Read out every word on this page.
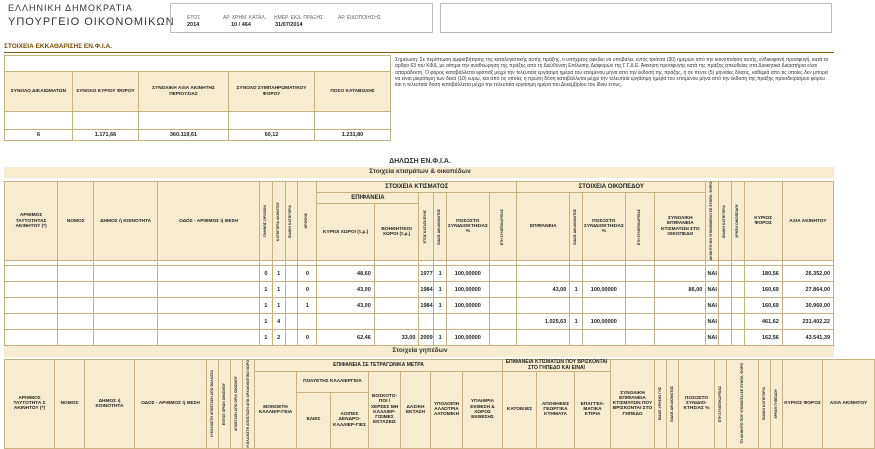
ΕΛΛΗΝΙΚΗ ΔΗΜΟΚΡΑΤΙΑ
ΥΠΟΥΡΓΕΙΟ ΟΙΚΟΝΟΜΙΚΩΝ ΕΤΟΣ	ΑΡ. ΧΡΗΜ. ΚΑΤΑΛ. ΗΜΕΡ. ΕΚΔ. ΠΡΑΞΗΣ	ΑΡ. ΕΙΔΟΠΟΙΗΣΗΣ
2014	10 / 464	31/07/2014
ΣΤΟΙΧΕΙΑ ΕΚΚΑΘΑΡΙΣΗΣ ΕΝ.Φ.Ι.Α.

ΣΥΝΟΛΟ ΔΙΚΑΙΩΜΑΤΩΝ	ΣΥΝΟΛΟ ΚΥΡΙΟΥ ΦΟΡΟΥ	ΣΥΝΟΛΙΚΗ ΑΞΙΑ ΑΚΙΝΗΤΗΣ ΠΕΡΙΟΥΣΙΑΣ	ΣΥΝΟΛΟ ΣΥΜΠΛΗΡΩΜΑΤΙΚΟΥ ΦΟΡΟΥ	ΠΟΣΟ ΚΑΤΑΒΟΛΗΣ

6	1.171,66	360.119,61	60,12	1.231,80
Σημείωση: Σε περίπτωση αμφισβήτησης της καταλογιστικής αυτής πράξης, ο υπόχρεος οφείλει να υποβάλει, εντός τριάντα (30) ημερών από την κοινοποίηση αυτής, ενδικοφανή προσφυγή, κατά το άρθρο 63 του ΚΦΔ, με αίτημα την αναθεώρηση της πράξης από τη Διεύθυνση Επίλυσης Διαφορών της Γ.Γ.Δ.Ε. Άσκηση προσφυγής κατά της πράξης απευθείας στα Διοικητικά Δικαστήρια είναι απαράδεκτη. Ο φόρος καταβάλλεται εφάπαξ μέχρι την τελευταία εργάσιμη ημέρα του επόμενου μήνα από την έκδοση της πράξης, ή σε πέντε (5) μηνιαίες δόσεις, καθεμιά από τις οποίες δεν μπορεί να είναι μικρότερη των δέκα (10) ευρώ, και από τις οποίες η πρώτη δόση καταβάλλεται μέχρι την τελευταία εργάσιμη ημέρα του επόμενου μήνα από την έκδοση της πράξης προσδιορισμού φόρου και η τελευταία δόση καταβάλλεται μέχρι την τελευταία εργάσιμη ημέρα του Δεκεμβρίου του ίδιου έτους.
ΔΗΛΩΣΗ ΕΝ.Φ.Ι.Α.
Στοιχεία κτισμάτων & οικοπέδων
ΑΡΙΘΜΟΣ ΤΑΥΤΟΤΗΤΑΣ ΑΚΙΝΗΤΟΥ (*)	ΝΟΜΟΣ	ΔΗΜΟΣ ή ΚΟΙΝΟΤΗΤΑ	ΟΔΟΣ - ΑΡΙΘΜΟΣ ή ΘΕΣΗ	ΠΛΗΘΟΣ ΟΡΟΦΩΝ	ΚΑΤΗΓΟΡΙΑ ΑΚΙΝΗΤΟΥ	ΕΙΔΙΚΗ ΚΑΤΗΓΟΡΙΑ	ΟΡΟΦΟΣ	ΣΤΟΙΧΕΙΑ ΚΤΙΣΜΑΤΟΣ						ΣΤΟΙΧΕΙΑ ΟΙΚΟΠΕΔΟΥ					ΑΚΙΝΗΤΟ ΜΗ ΥΠΟΚΕΙΜΕΝΟ ΣΕ ΣΥΜΠΛ. ΦΟΡΟ	ΕΙΔΙΚΗ ΚΑΤΗΓΟΡΙΑ	ΧΡΗΣΗ ΟΙΚΟΠΕΔΟΥ	ΚΥΡΙΟΣ ΦΟΡΟΣ	ΑΞΙΑ ΑΚΙΝΗΤΟΥ
								ΕΠΙΦΑΝΕΙΑ		ΕΤΟΣ ΚΑΤΑΣΚΕΥΗΣ	ΕΙΔΟΣ ΔΙΚΑΙΩΜΑΤΟΣ	ΠΟΣΟΣΤΟ ΣΥΝΙΔΙΟΚΤΗΣΙΑΣ %	ΕΤΗ ΣΥΝΕΠΙΚΑΡΠΙΑΣ	ΕΠΙΦΑΝΕΙΑ	ΕΙΔΟΣ ΔΙΚΑΙΩΜΑΤΟΣ	ΠΟΣΟΣΤΟ ΣΥΝΙΔΙΟΚΤΗΣΙΑΣ %	ΕΤΗ ΣΥΝΕΠΙΚΑΡΠΙΑΣ	ΣΥΝΟΛΙΚΗ ΕΠΙΦΑΝΕΙΑ ΚΤΙΣΜΑΤΩΝ ΣΤΟ ΟΙΚΟΠΕΔΟ					
								ΚΥΡΙΟΙ ΧΩΡΟΙ (τ.μ.)	ΒΟΗΘΗΤΙΚΟΙ ΧΩΡΟΙ (τ.μ.)														

				0	1		0	48,60		1977	1	100,00000							ΝΑΙ			180,56	26.352,00
				1	1		0	43,00		1984	1	100,00000		43,00	1	100,00000		86,00	ΝΑΙ			160,69	27.864,00
				1	1		1	43,00		1984	1	100,00000							ΝΑΙ			160,69	30.960,00
				1	4									1.025,63	1	100,00000			ΝΑΙ			461,62	231.402,22
				1	2		0	62,46	33,00	2009	1	100,00000							ΝΑΙ			162,56	43.541,39
Στοιχεία γηπέδων
ΑΡΙΘΜΟΣ ΤΑΥΤΟΤΗΤΑ Σ ΑΚΙΝΗΤΟΥ (*)	ΝΟΜΟΣ	ΔΗΜΟΣ ή ΚΟΙΝΟΤΗΤΑ	ΟΔΟΣ - ΑΡΙΘΜΟΣ ή ΘΕΣΗ	Η ΕΛΑΧΙΣΤΗ ΑΠΟΣΤΑΣΗ ΑΠΟ ΘΑΛΑΣΣΑ	ΕΝΤΟΣ ΟΡΙΩΝ ΟΙΚΙΣΜΟΥ	ΑΠΟΣΤΑΣΗ ΑΠΟ ΟΡΙΑ ΟΙΚΙΣΜΟΥ	Η ΕΛΑΧΙΣΤΗ ΑΠΟΣΤΑΣΗ ΑΠΟ ΑΡΧΑΙΟΛΟΓΙΚΟ ΧΩΡΟ	ΕΠΙΦΑΝΕΙΑ ΣΕ ΤΕΤΡΑΓΩΝΙΚΑ ΜΕΤΡΑ							ΕΠΙΦΑΝΕΙΑ ΚΤΙΣΜΑΤΩΝ ΠΟΥ ΒΡΙΣΚΟΝΤΑΙ ΣΤΟ ΓΗΠΕΔΟ ΚΑΙ ΕΙΝΑΙ			ΣΥΝΟΛΙΚΗ ΕΠΙΦΑΝΕΙΑ ΚΤΙΣΜΑΤΩΝ ΠΟΥ ΒΡΙΣΚΟΝΤΑΙ ΣΤΟ ΓΗΠΕΔΟ	ΕΙΔΟΣ ΧΡΗΣΗΣ ΓΗΣ	ΕΙΔΟΣ ΔΙΚΑΙΩΜΑΤΟΣ	ΠΟΣΟΣΤΟ ΣΥΝΙΔΙΟ-ΚΤΗΣΙΑΣ %	ΕΤΗ ΣΥΝΕΠΙΚΑΡΠΙΑΣ	ΤΟ ΑΚΙΝΗΤΟ ΠΟΥ ΥΠΟΚΕΙΤΑΙ ΣΕ ΣΥΜΠΛ. ΦΟΡΟ	ΕΙΔΙΚΗ ΚΑΤΗΓΟΡΙΑ	ΧΡΗΣΗ ΓΗΠΕΔΟΥ	ΚΥΡΙΟΣ ΦΟΡΟΣ	ΑΞΙΑ ΑΚΙΝΗΤΟΥ
								ΜΟΝΟΕΤΗ ΚΑΛΛΙΕΡ-ΓΕΙΑ	ΠΟΛΥΕΤΗΣ ΚΑΛΛΙΕΡΓΕΙΑ		ΒΟΣΚΟΤΟ-ΠΟΙ / ΧΕΡΣΕΣ ΜΗ ΚΑΛΛΙΕΡ-ΓΙΣΙΜΕΣ ΕΚΤΑΣΕΙΣ	ΔΑΣΙΚΗ ΕΚΤΑΣΗ	ΥΠΟΛΟΙΠΗ ΑΛΛΟΤΡΙΑ ΛΑΤΟΜΙΚΗ	ΥΠΑΙΘΡΙΑ ΕΚΘΕΣΗ & ΧΩΡΟΣ ΕΚΘΕΣΗΣ	ΚΑΤΟΙΚΙΕΣ	ΑΠΟΘΗΚΕΣ ΓΕΩΡΓΙΚΑ ΚΤΗΜΑΤΑ	ΕΠΑΓΓΕΛ-ΜΑΤΙΚΑ ΚΤΙΡΙΑ										
									ΕΛΙΕΣ	ΛΟΙΠΕΣ ΔΕΝΔΡΟ-ΚΑΛΛΙΕΡ-ΓΙΕΣ																	
